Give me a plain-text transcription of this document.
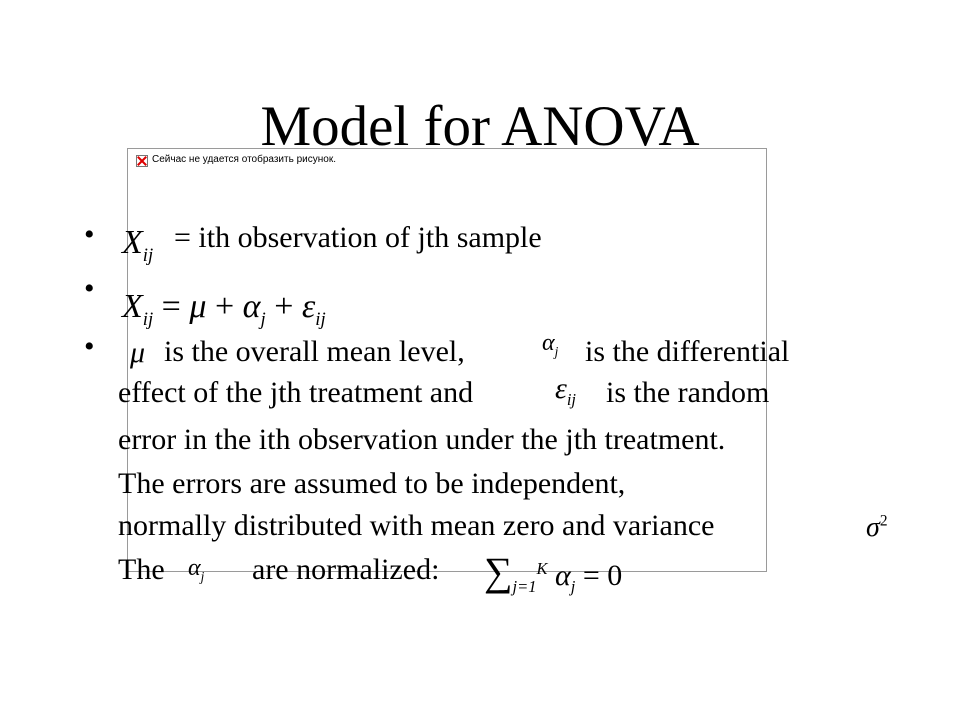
Model for ANOVA
Сейчас не удается отобразить рисунок.
•
•
•
$X_{ij}$
= ith observation of jth sample
$X_{ij} = \mu + \alpha_j + \varepsilon_{ij}$
μ is the overall mean level,	$\alpha_j$ is the differential
effect of the jth treatment and	$\varepsilon_{ij}$ is the random
error in the ith observation under the jth treatment.
The errors are assumed to be independent,
normally distributed with mean zero and variance	$\sigma^2$
The $\alpha_j$ are normalized: $\sum_{j=1}^K$ $\alpha_j = 0$
